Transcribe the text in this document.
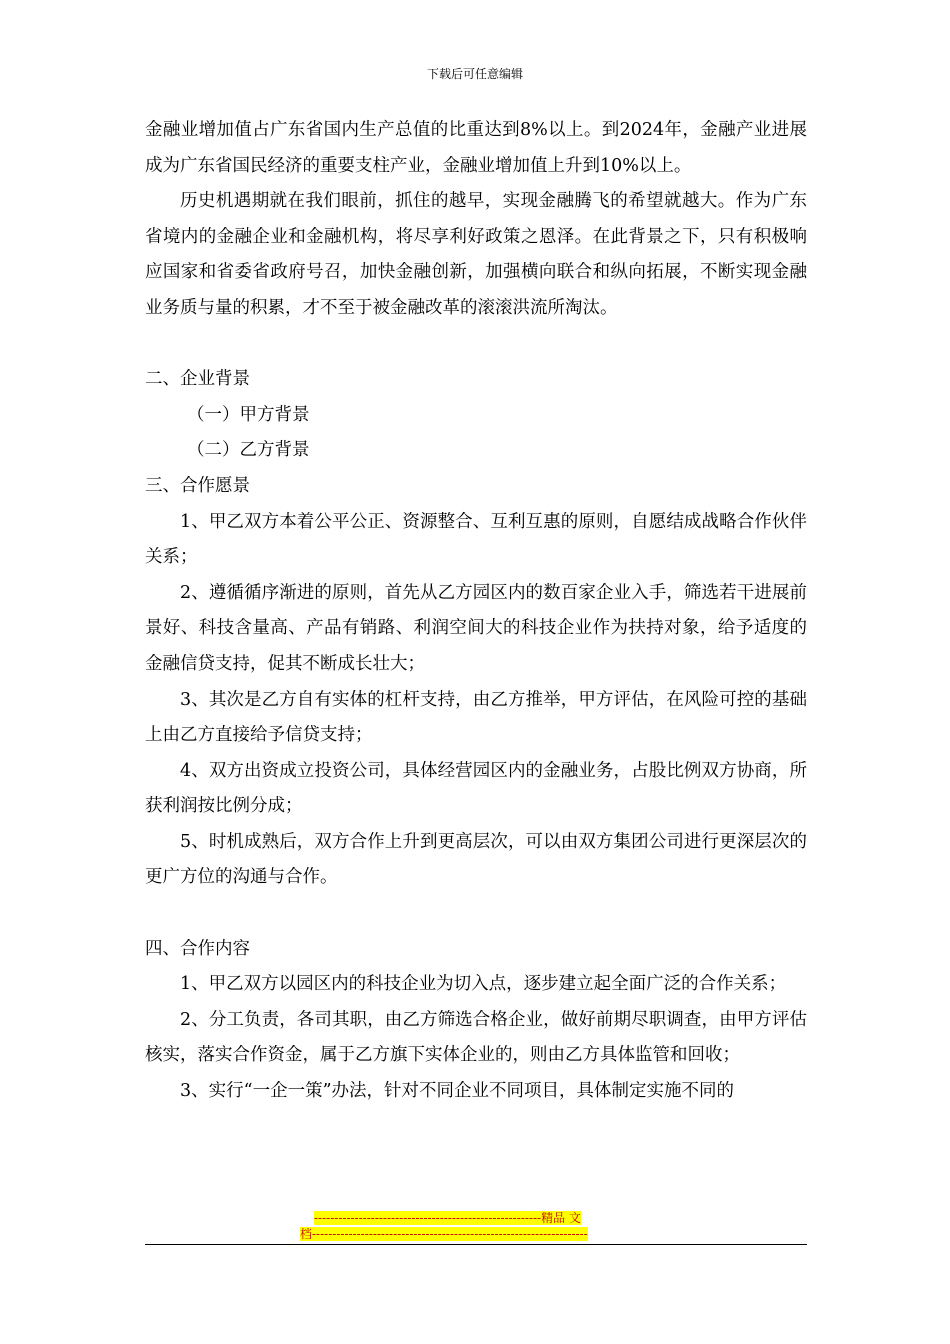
下载后可任意编辑

金融业增加值占广东省国内生产总值的比重达到8%以上。到2024年，金融产业进展成为广东省国民经济的重要支柱产业，金融业增加值上升到10%以上。

历史机遇期就在我们眼前，抓住的越早，实现金融腾飞的希望就越大。作为广东省境内的金融企业和金融机构，将尽享利好政策之恩泽。在此背景之下，只有积极响应国家和省委省政府号召，加快金融创新，加强横向联合和纵向拓展，不断实现金融业务质与量的积累，才不至于被金融改革的滚滚洪流所淘汰。

二、企业背景

（一）甲方背景

（二）乙方背景

三、合作愿景

1、甲乙双方本着公平公正、资源整合、互利互惠的原则，自愿结成战略合作伙伴关系；

2、遵循循序渐进的原则，首先从乙方园区内的数百家企业入手，筛选若干进展前景好、科技含量高、产品有销路、利润空间大的科技企业作为扶持对象，给予适度的金融信贷支持，促其不断成长壮大；

3、其次是乙方自有实体的杠杆支持，由乙方推举，甲方评估，在风险可控的基础上由乙方直接给予信贷支持；

4、双方出资成立投资公司，具体经营园区内的金融业务，占股比例双方协商，所获利润按比例分成；

5、时机成熟后，双方合作上升到更高层次，可以由双方集团公司进行更深层次的更广方位的沟通与合作。

四、合作内容

1、甲乙双方以园区内的科技企业为切入点，逐步建立起全面广泛的合作关系；

2、分工负责，各司其职，由乙方筛选合格企业，做好前期尽职调查，由甲方评估核实，落实合作资金，属于乙方旗下实体企业的，则由乙方具体监管和回收；

3、实行“一企一策”办法，针对不同企业不同项目，具体制定实施不同的

--------------------------------------------------------精品 文
档--------------------------------------------------------------------
